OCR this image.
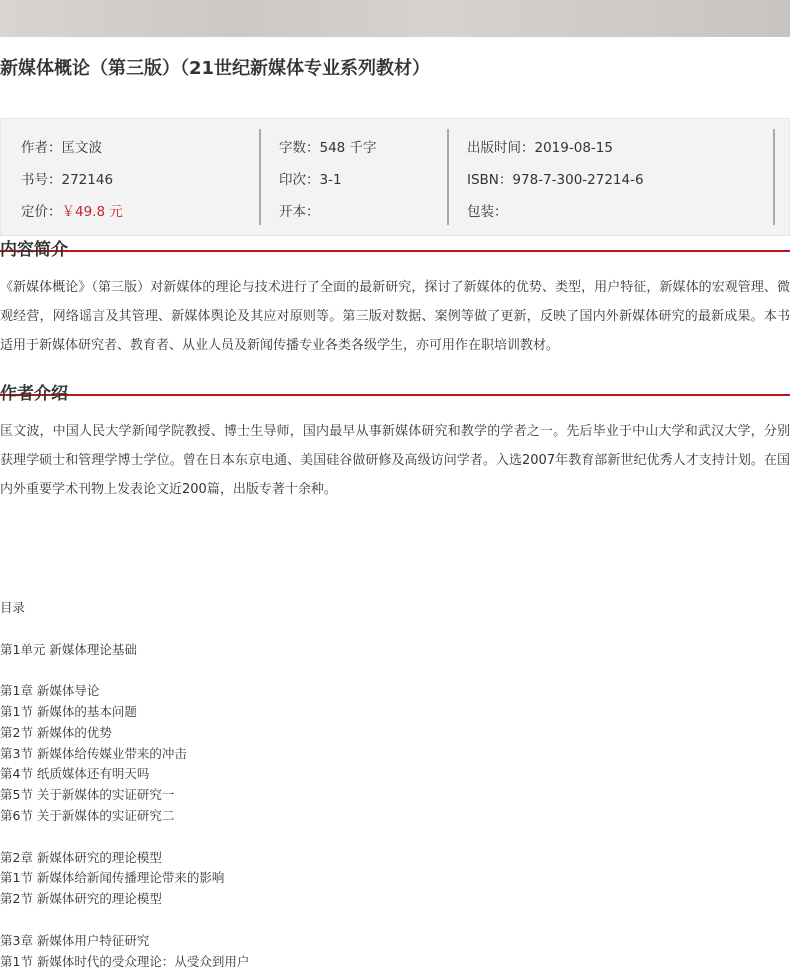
新媒体概论（第三版）（21世纪新媒体专业系列教材）
作者：匡文波
书号：272146
定价：￥49.8 元
字数：548 千字
印次：3-1
开本：
出版时间：2019-08-15
ISBN：978-7-300-27214-6
包装：
内容简介
《新媒体概论》（第三版）对新媒体的理论与技术进行了全面的最新研究，探讨了新媒体的优势、类型，用户特征，新媒体的宏观管理、微观经营，网络谣言及其管理、新媒体舆论及其应对原则等。第三版对数据、案例等做了更新，反映了国内外新媒体研究的最新成果。本书适用于新媒体研究者、教育者、从业人员及新闻传播专业各类各级学生，亦可用作在职培训教材。
作者介绍
匡文波，中国人民大学新闻学院教授、博士生导师，国内最早从事新媒体研究和教学的学者之一。先后毕业于中山大学和武汉大学，分别获理学硕士和管理学博士学位。曾在日本东京电通、美国硅谷做研修及高级访问学者。入选2007年教育部新世纪优秀人才支持计划。在国内外重要学术刊物上发表论文近200篇，出版专著十余种。
目录
第1单元 新媒体理论基础
第1章 新媒体导论
第1节 新媒体的基本问题
第2节 新媒体的优势
第3节 新媒体给传媒业带来的冲击
第4节 纸质媒体还有明天吗
第5节 关于新媒体的实证研究一
第6节 关于新媒体的实证研究二
第2章 新媒体研究的理论模型
第1节 新媒体给新闻传播理论带来的影响
第2节 新媒体研究的理论模型
第3章 新媒体用户特征研究
第1节 新媒体时代的受众理论：从受众到用户
